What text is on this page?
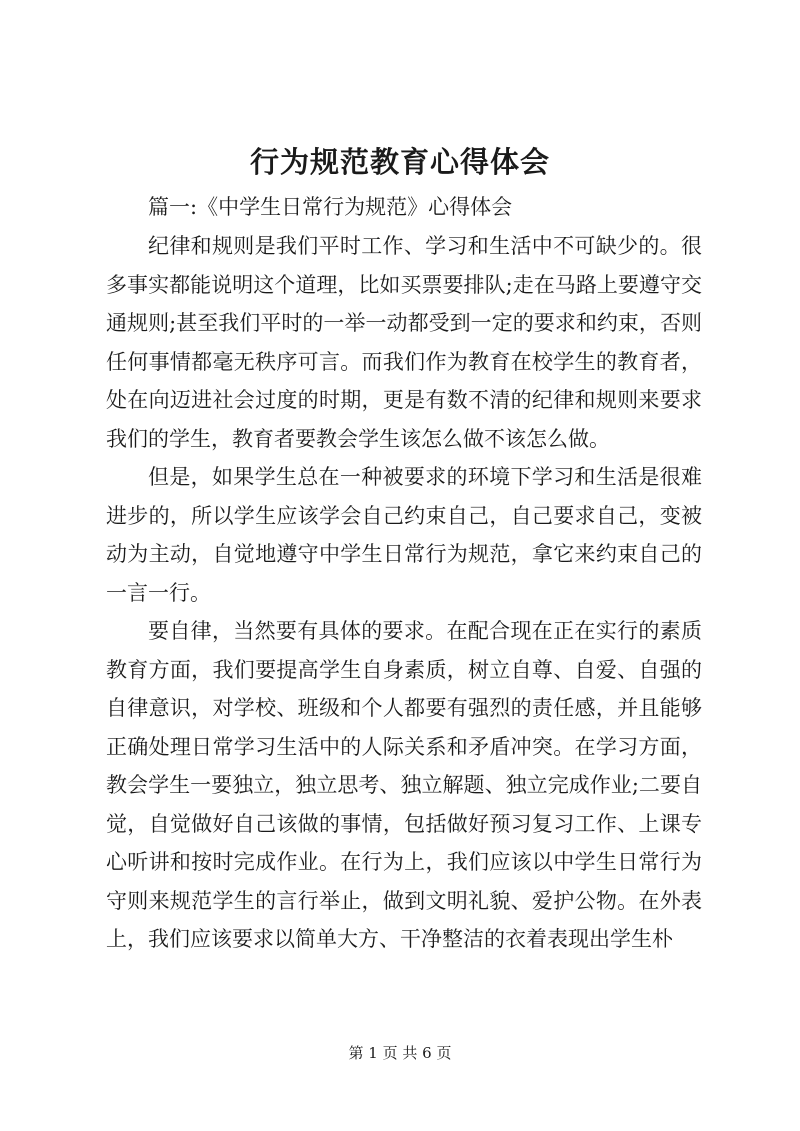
行为规范教育心得体会

篇一:《中学生日常行为规范》心得体会

纪律和规则是我们平时工作、学习和生活中不可缺少的。很多事实都能说明这个道理，比如买票要排队;走在马路上要遵守交通规则;甚至我们平时的一举一动都受到一定的要求和约束，否则任何事情都毫无秩序可言。而我们作为教育在校学生的教育者，处在向迈进社会过度的时期，更是有数不清的纪律和规则来要求我们的学生，教育者要教会学生该怎么做不该怎么做。

但是，如果学生总在一种被要求的环境下学习和生活是很难进步的，所以学生应该学会自己约束自己，自己要求自己，变被动为主动，自觉地遵守中学生日常行为规范，拿它来约束自己的一言一行。

要自律，当然要有具体的要求。在配合现在正在实行的素质教育方面，我们要提高学生自身素质，树立自尊、自爱、自强的自律意识，对学校、班级和个人都要有强烈的责任感，并且能够正确处理日常学习生活中的人际关系和矛盾冲突。在学习方面，教会学生一要独立，独立思考、独立解题、独立完成作业;二要自觉，自觉做好自己该做的事情，包括做好预习复习工作、上课专心听讲和按时完成作业。在行为上，我们应该以中学生日常行为守则来规范学生的言行举止，做到文明礼貌、爱护公物。在外表上，我们应该要求以简单大方、干净整洁的衣着表现出学生朴

第 1 页 共 6 页
